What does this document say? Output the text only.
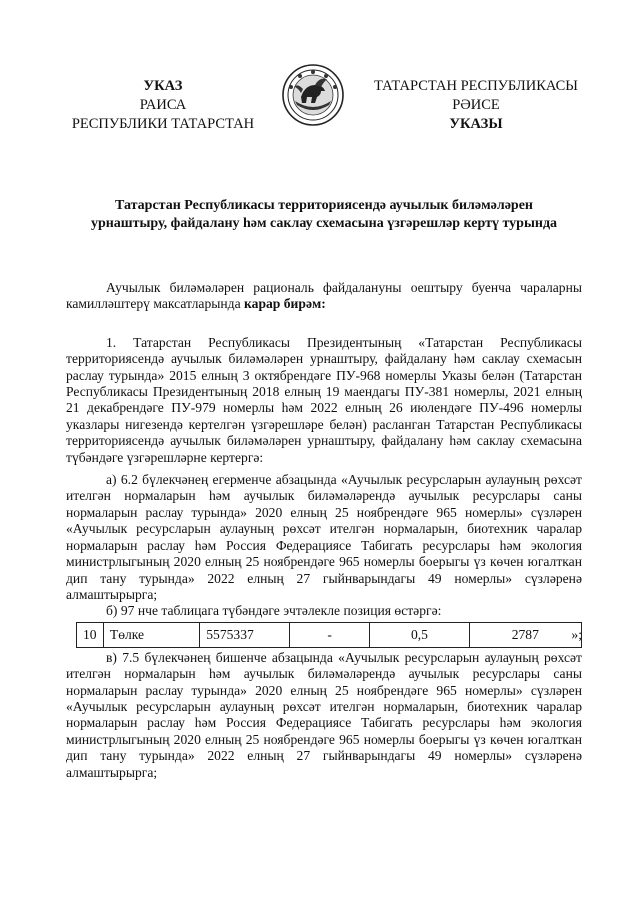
УКАЗ
РАИСА
РЕСПУБЛИКИ ТАТАРСТАН
ТАТАРСТАН РЕСПУБЛИКАСЫ
РӘИСЕ
УКАЗЫ
Татарстан Республикасы территориясендә аучылык биләмәләрен урнаштыру, файдалану һәм саклау схемасына үзгәрешләр кертү турында

Аучылык биләмәләрен рациональ файдалануны оештыру буенча чараларны камилләштерү максатларында карар бирәм:

1. Татарстан Республикасы Президентының «Татарстан Республикасы территориясендә аучылык биләмәләрен урнаштыру, файдалану һәм саклау схемасын раслау турында» 2015 елның 3 октябрендәге ПУ-968 номерлы Указы белән (Татарстан Республикасы Президентының 2018 елның 19 маендагы ПУ-381 номерлы, 2021 елның 21 декабрендәге ПУ-979 номерлы һәм 2022 елның 26 июлендәге ПУ-496 номерлы указлары нигезендә кертелгән үзгәрешләре белән) расланган Татарстан Республикасы территориясендә аучылык биләмәләрен урнаштыру, файдалану һәм саклау схемасына түбәндәге үзгәрешләрне кертергә:

а) 6.2 бүлекчәнең егерменче абзацында «Аучылык ресурсларын аулауның рөхсәт ителгән нормаларын һәм аучылык биләмәләрендә аучылык ресурслары саны нормаларын раслау турында» 2020 елның 25 ноябрендәге 965 номерлы» сүзләрен «Аучылык ресурсларын аулауның рөхсәт ителгән нормаларын, биотехник чаралар нормаларын раслау һәм Россия Федерациясе Табигать ресурслары һәм экология министрлыгының 2020 елның 25 ноябрендәге 965 номерлы боерыгы үз көчен югалткан дип тану турында» 2022 елның 27 гыйнварындагы 49 номерлы» сүзләренә алмаштырырга;

б) 97 нче таблицага түбәндәге эчтәлекле позиция өстәргә:

10	Төлке	5575337	-	0,5	2787 »;

в) 7.5 бүлекчәнең бишенче абзацында «Аучылык ресурсларын аулауның рөхсәт ителгән нормаларын һәм аучылык биләмәләрендә аучылык ресурслары саны нормаларын раслау турында» 2020 елның 25 ноябрендәге 965 номерлы» сүзләрен «Аучылык ресурсларын аулауның рөхсәт ителгән нормаларын, биотехник чаралар нормаларын раслау һәм Россия Федерациясе Табигать ресурслары һәм экология министрлыгының 2020 елның 25 ноябрендәге 965 номерлы боерыгы үз көчен югалткан дип тану турында» 2022 елның 27 гыйнварындагы 49 номерлы» сүзләренә алмаштырырга;
